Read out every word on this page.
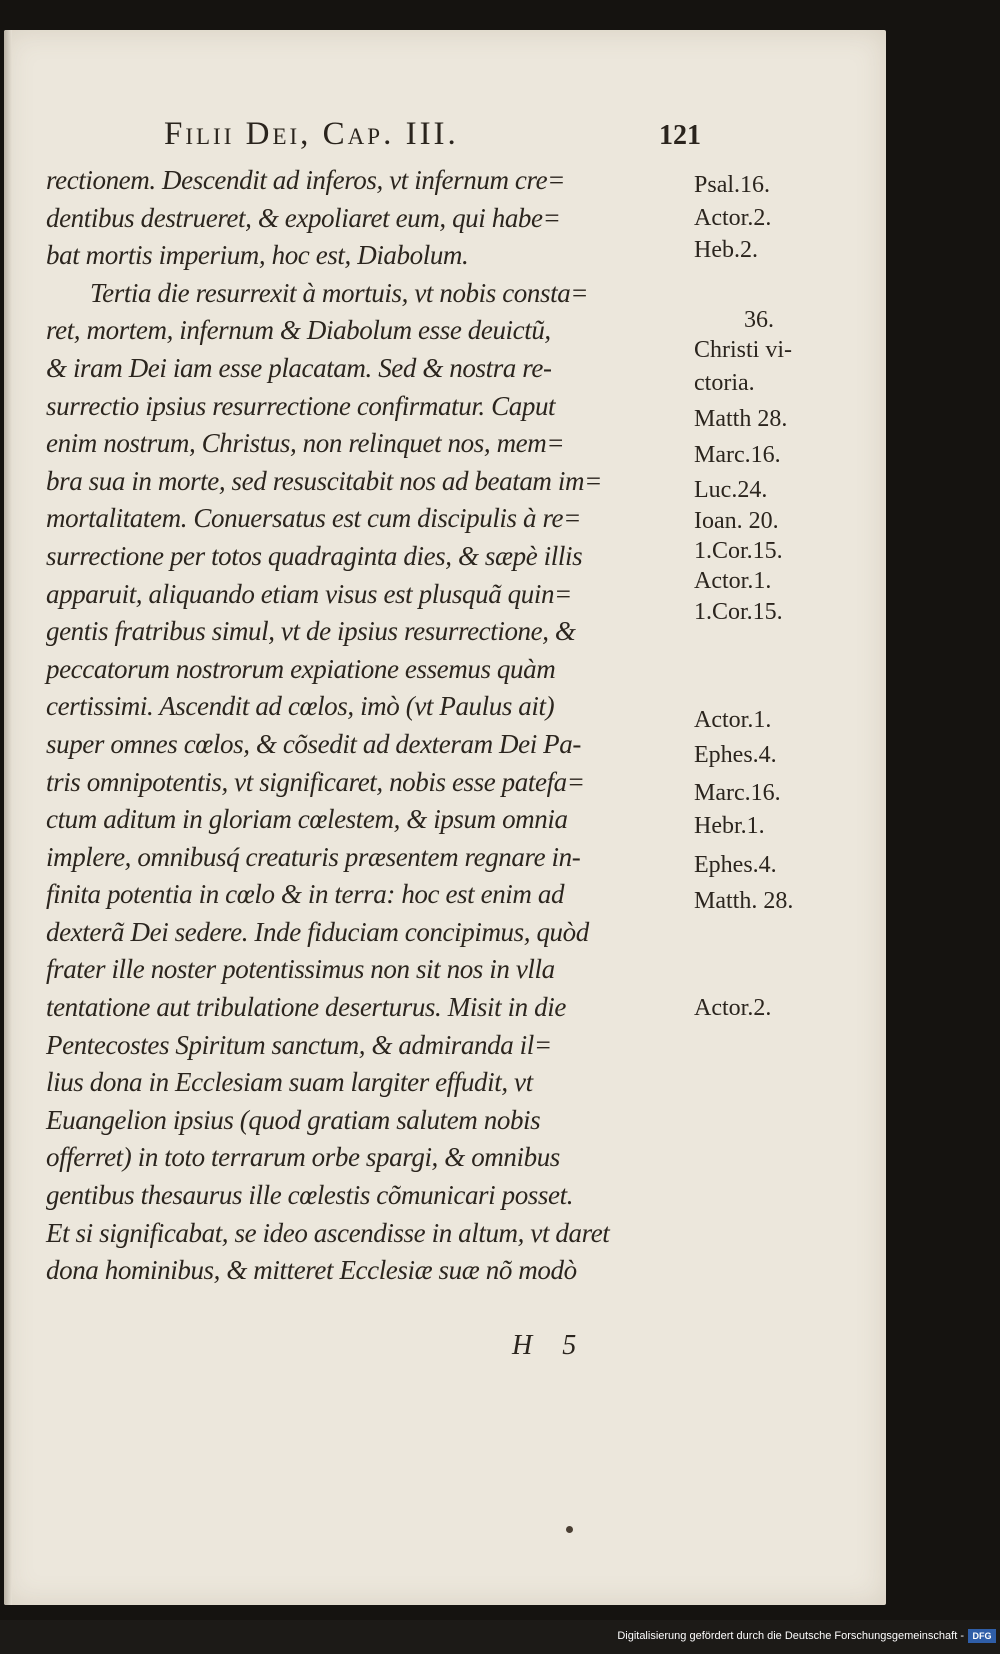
Filii Dei, Cap. III.	121
rectionem. Descendit ad inferos, vt infernum cre=
dentibus destrueret, & expoliaret eum, qui habe=
bat mortis imperium, hoc est, Diabolum.
Tertia die resurrexit à mortuis, vt nobis consta=
ret, mortem, infernum & Diabolum esse deuictũ,
& iram Dei iam esse placatam. Sed & nostra re-
surrectio ipsius resurrectione confirmatur. Caput
enim nostrum, Christus, non relinquet nos, mem=
bra sua in morte, sed resuscitabit nos ad beatam im=
mortalitatem. Conuersatus est cum discipulis à re=
surrectione per totos quadraginta dies, & sæpè illis
apparuit, aliquando etiam visus est plusquã quin=
gentis fratribus simul, vt de ipsius resurrectione, &
peccatorum nostrorum expiatione essemus quàm
certissimi. Ascendit ad cœlos, imò (vt Paulus ait)
super omnes cœlos, & cõsedit ad dexteram Dei Pa-
tris omnipotentis, vt significaret, nobis esse patefa=
ctum aditum in gloriam cœlestem, & ipsum omnia
implere, omnibusq́ creaturis præsentem regnare in-
finita potentia in cœlo & in terra: hoc est enim ad
dexterã Dei sedere. Inde fiduciam concipimus, quòd
frater ille noster potentissimus non sit nos in vlla
tentatione aut tribulatione deserturus. Misit in die
Pentecostes Spiritum sanctum, & admiranda il=
lius dona in Ecclesiam suam largiter effudit, vt
Euangelion ipsius (quod gratiam salutem nobis
offerret) in toto terrarum orbe spargi, & omnibus
gentibus thesaurus ille cœlestis cõmunicari posset.
Et si significabat, se ideo ascendisse in altum, vt daret
dona hominibus, & mitteret Ecclesiæ suæ nõ modò
Psal.16.
Actor.2.
Heb.2.
36.
Christi vi-
ctoria.
Matth 28.
Marc.16.
Luc.24.
Ioan. 20.
1.Cor.15.
Actor.1.
1.Cor.15.
Actor.1.
Ephes.4.
Marc.16.
Hebr.1.
Ephes.4.
Matth. 28.
Actor.2.
H 5
Digitalisierung gefördert durch die Deutsche Forschungsgemeinschaft - DFG
